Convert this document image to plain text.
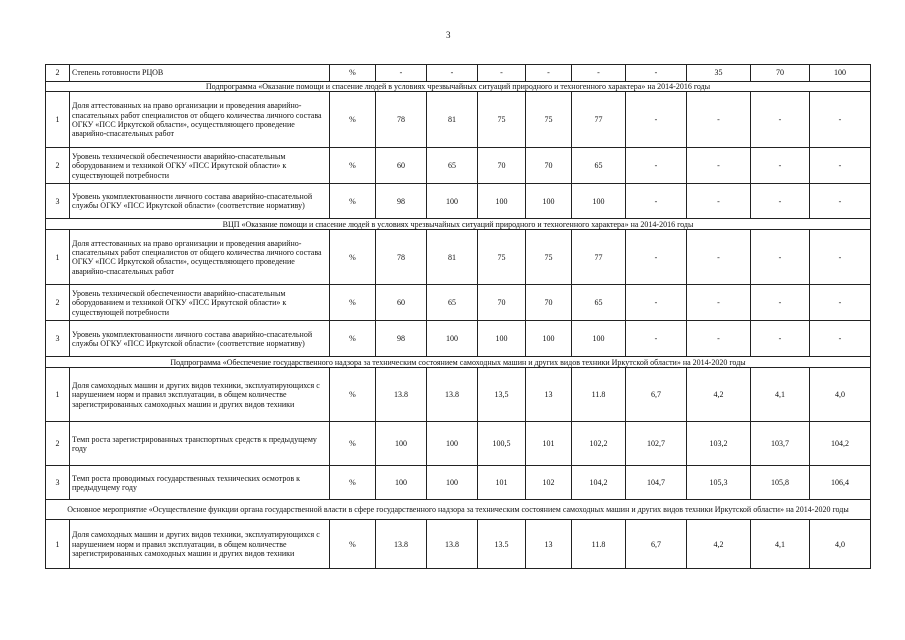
3
2	Степень готовности РЦОВ	%	-	-	-	-	-	-	35	70	100
Подпрограмма «Оказание помощи и спасение людей в условиях чрезвычайных ситуаций природного и техногенного характера» на 2014-2016 годы											
1	Доля аттестованных на право организации и проведения аварийно-спасательных работ специалистов от общего количества личного состава ОГКУ «ПСС Иркутской области», осуществляющего проведение аварийно-спасательных работ	%	78	81	75	75	77	-	-	-	-
2	Уровень технической обеспеченности аварийно-спасательным оборудованием и техникой ОГКУ «ПСС Иркутской области» к существующей потребности	%	60	65	70	70	65	-	-	-	-
3	Уровень укомплектованности личного состава аварийно-спасательной службы ОГКУ «ПСС Иркутской области» (соответствие нормативу)	%	98	100	100	100	100	-	-	-	-
ВЦП «Оказание помощи и спасение людей в условиях чрезвычайных ситуаций природного и техногенного характера» на 2014-2016 годы											
1	Доля аттестованных на право организации и проведения аварийно-спасательных работ специалистов от общего количества личного состава ОГКУ «ПСС Иркутской области», осуществляющего проведение аварийно-спасательных работ	%	78	81	75	75	77	-	-	-	-
2	Уровень технической обеспеченности аварийно-спасательным оборудованием и техникой ОГКУ «ПСС Иркутской области» к существующей потребности	%	60	65	70	70	65	-	-	-	-
3	Уровень укомплектованности личного состава аварийно-спасательной службы ОГКУ «ПСС Иркутской области» (соответствие нормативу)	%	98	100	100	100	100	-	-	-	-
Подпрограмма «Обеспечение государственного надзора за техническим состоянием самоходных машин и других видов техники Иркутской области» на 2014-2020 годы											
1	Доля самоходных машин и других видов техники, эксплуатирующихся с нарушением норм и правил эксплуатации, в общем количестве зарегистрированных самоходных машин и других видов техники	%	13.8	13.8	13,5	13	11.8	6,7	4,2	4,1	4,0
2	Темп роста зарегистрированных транспортных средств к предыдущему году	%	100	100	100,5	101	102,2	102,7	103,2	103,7	104,2
3	Темп роста проводимых государственных технических осмотров к предыдущему году	%	100	100	101	102	104,2	104,7	105,3	105,8	106,4
Основное мероприятие «Осуществление функции органа государственной власти в сфере государственного надзора за техническим состоянием самоходных машин и других видов техники Иркутской области» на 2014-2020 годы											
1	Доля самоходных машин и других видов техники, эксплуатирующихся с нарушением норм и правил эксплуатации, в общем количестве зарегистрированных самоходных машин и других видов техники	%	13.8	13.8	13.5	13	11.8	6,7	4,2	4,1	4,0
